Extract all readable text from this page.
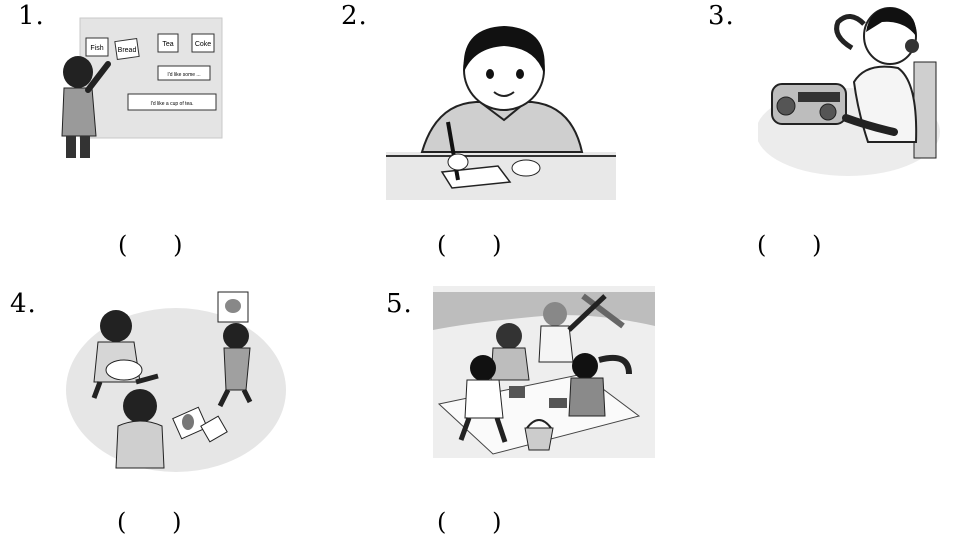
1.
Fish Bread
Tea	Coke
I'd like some ...
I'd like a cup of tea.
(      )
2.
(      )
3.
(      )
4.
(      )
5.
(      )
